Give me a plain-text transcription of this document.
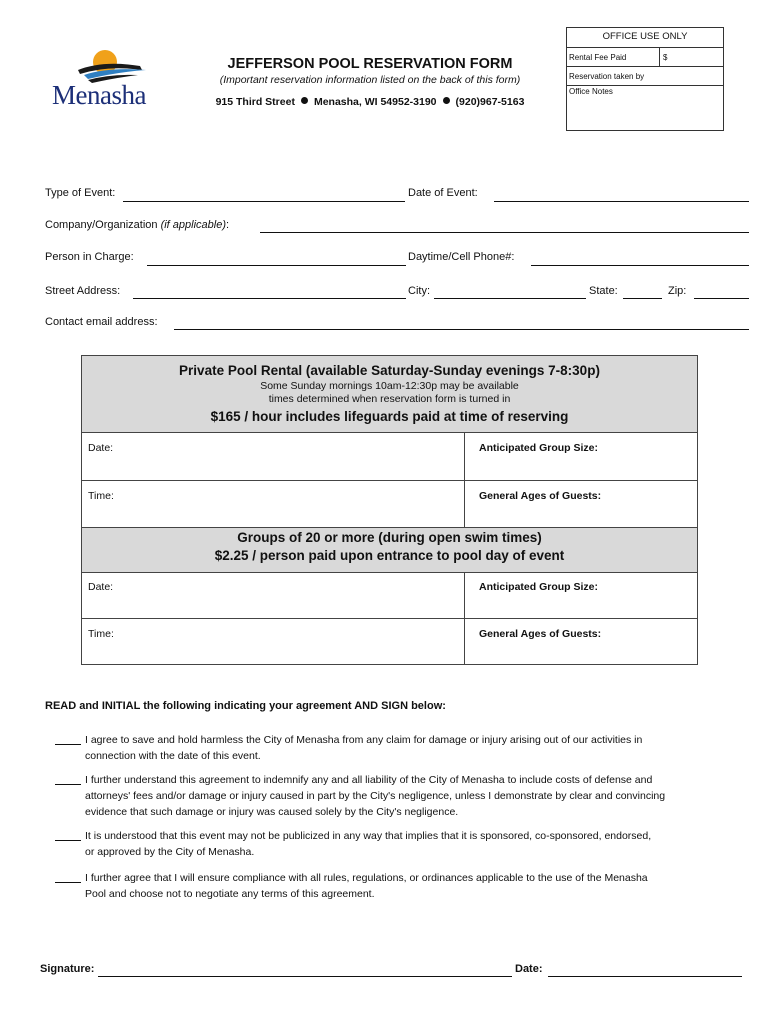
Menasha
JEFFERSON POOL RESERVATION FORM
(Important reservation information listed on the back of this form)
915 Third Street Menasha, WI 54952-3190 (920)967-5163
OFFICE USE ONLY
Rental Fee Paid	$
Reservation taken by
Office Notes
Type of Event:	Date of Event:
Company/Organization (if applicable):
Person in Charge:	Daytime/Cell Phone#:
Street Address:	City:	State:	Zip:
Contact email address:
Private Pool Rental (available Saturday-Sunday evenings 7-8:30p)
Some Sunday mornings 10am-12:30p may be available
times determined when reservation form is turned in
$165 / hour includes lifeguards paid at time of reserving
Date:	Anticipated Group Size:
Time:	General Ages of Guests:
Groups of 20 or more (during open swim times)
$2.25 / person paid upon entrance to pool day of event
Date:	Anticipated Group Size:
Time:	General Ages of Guests:
READ and INITIAL the following indicating your agreement AND SIGN below:
I agree to save and hold harmless the City of Menasha from any claim for damage or injury arising out of our activities in
connection with the date of this event.
I further understand this agreement to indemnify any and all liability of the City of Menasha to include costs of defense and
attorneys' fees and/or damage or injury caused in part by the City's negligence, unless I demonstrate by clear and convincing
evidence that such damage or injury was caused solely by the City's negligence.
It is understood that this event may not be publicized in any way that implies that it is sponsored, co-sponsored, endorsed,
or approved by the City of Menasha.
I further agree that I will ensure compliance with all rules, regulations, or ordinances applicable to the use of the Menasha
Pool and choose not to negotiate any terms of this agreement.
Signature:	Date:
